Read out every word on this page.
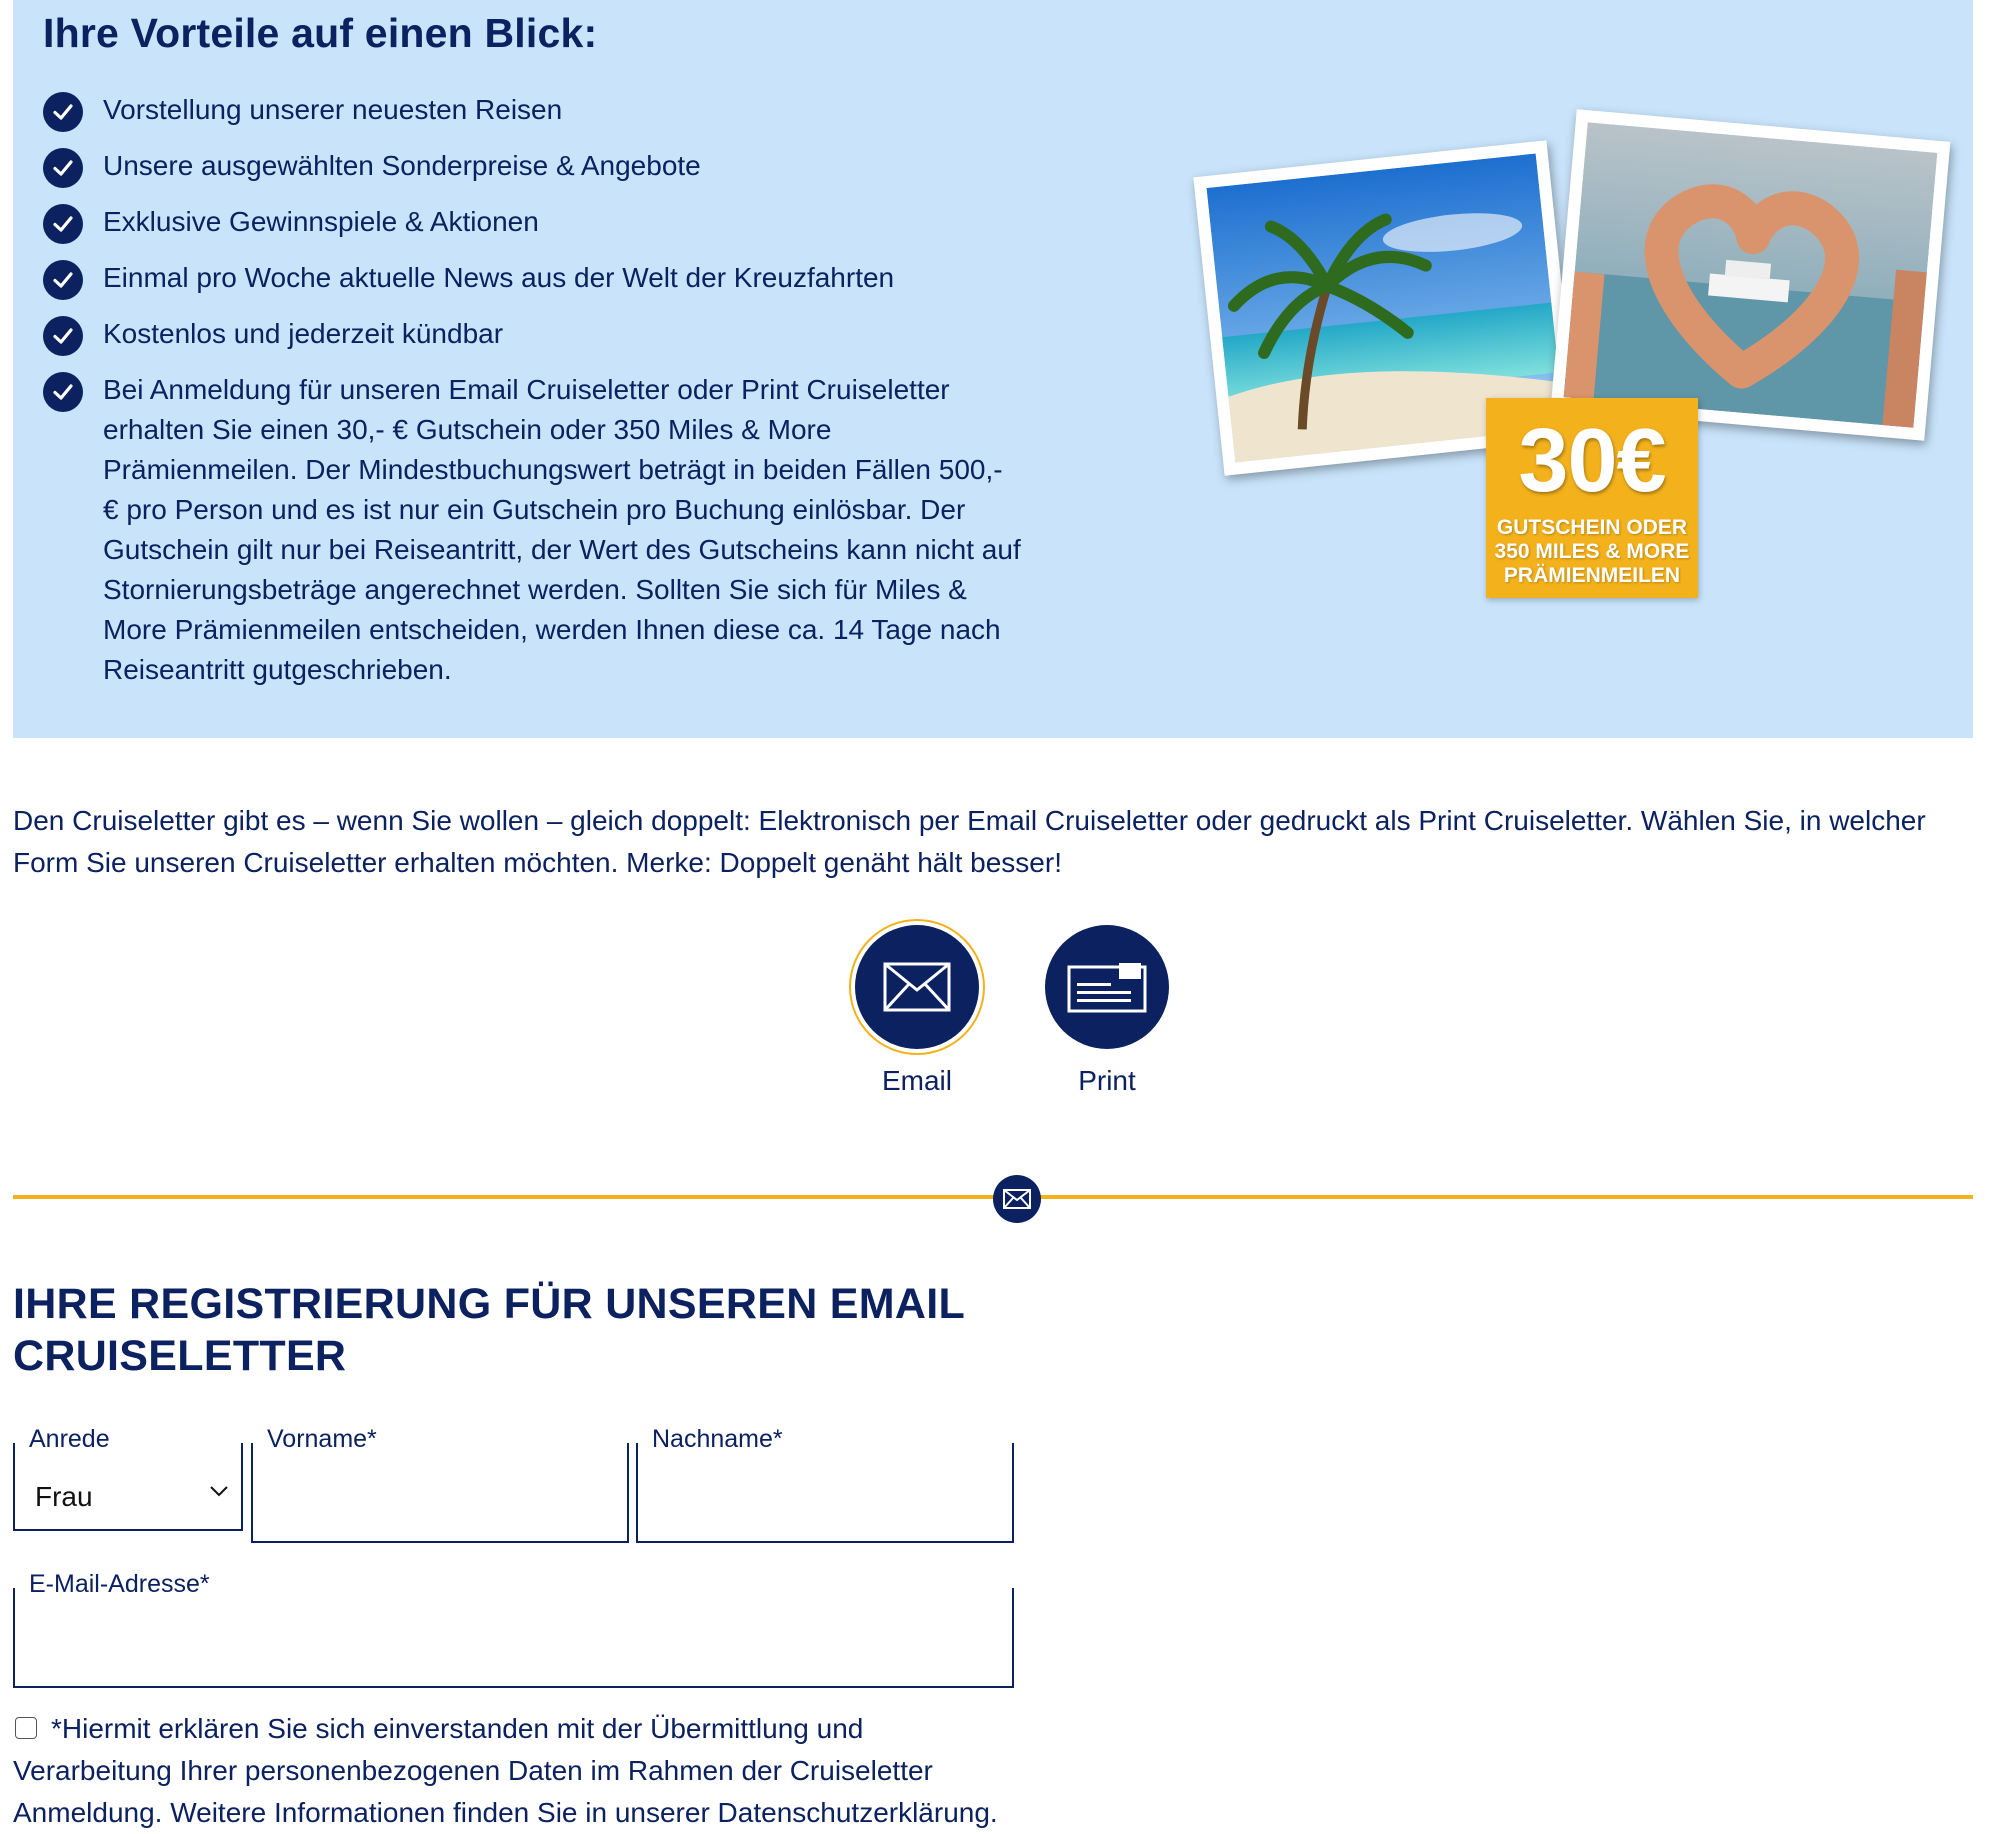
Ihre Vorteile auf einen Blick:
Vorstellung unserer neuesten Reisen
Unsere ausgewählten Sonderpreise & Angebote
Exklusive Gewinnspiele & Aktionen
Einmal pro Woche aktuelle News aus der Welt der Kreuzfahrten
Kostenlos und jederzeit kündbar
Bei Anmeldung für unseren Email Cruiseletter oder Print Cruiseletter erhalten Sie einen 30,- € Gutschein oder 350 Miles & More Prämienmeilen. Der Mindestbuchungswert beträgt in beiden Fällen 500,- € pro Person und es ist nur ein Gutschein pro Buchung einlösbar. Der Gutschein gilt nur bei Reiseantritt, der Wert des Gutscheins kann nicht auf Stornierungsbeträge angerechnet werden. Sollten Sie sich für Miles & More Prämienmeilen entscheiden, werden Ihnen diese ca. 14 Tage nach Reiseantritt gutgeschrieben.
30€
GUTSCHEIN ODER
350 MILES & MORE
PRÄMIENMEILEN

Den Cruiseletter gibt es – wenn Sie wollen – gleich doppelt: Elektronisch per Email Cruiseletter oder gedruckt als Print Cruiseletter. Wählen Sie, in welcher Form Sie unseren Cruiseletter erhalten möchten. Merke: Doppelt genäht hält besser!

Email	Print
IHRE REGISTRIERUNG FÜR UNSEREN EMAIL CRUISELETTER
Anrede
Frau
Vorname*	Nachname*
E-Mail-Adresse*
*Hiermit erklären Sie sich einverstanden mit der Übermittlung und Verarbeitung Ihrer personenbezogenen Daten im Rahmen der Cruiseletter Anmeldung. Weitere Informationen finden Sie in unserer Datenschutzerklärung.
